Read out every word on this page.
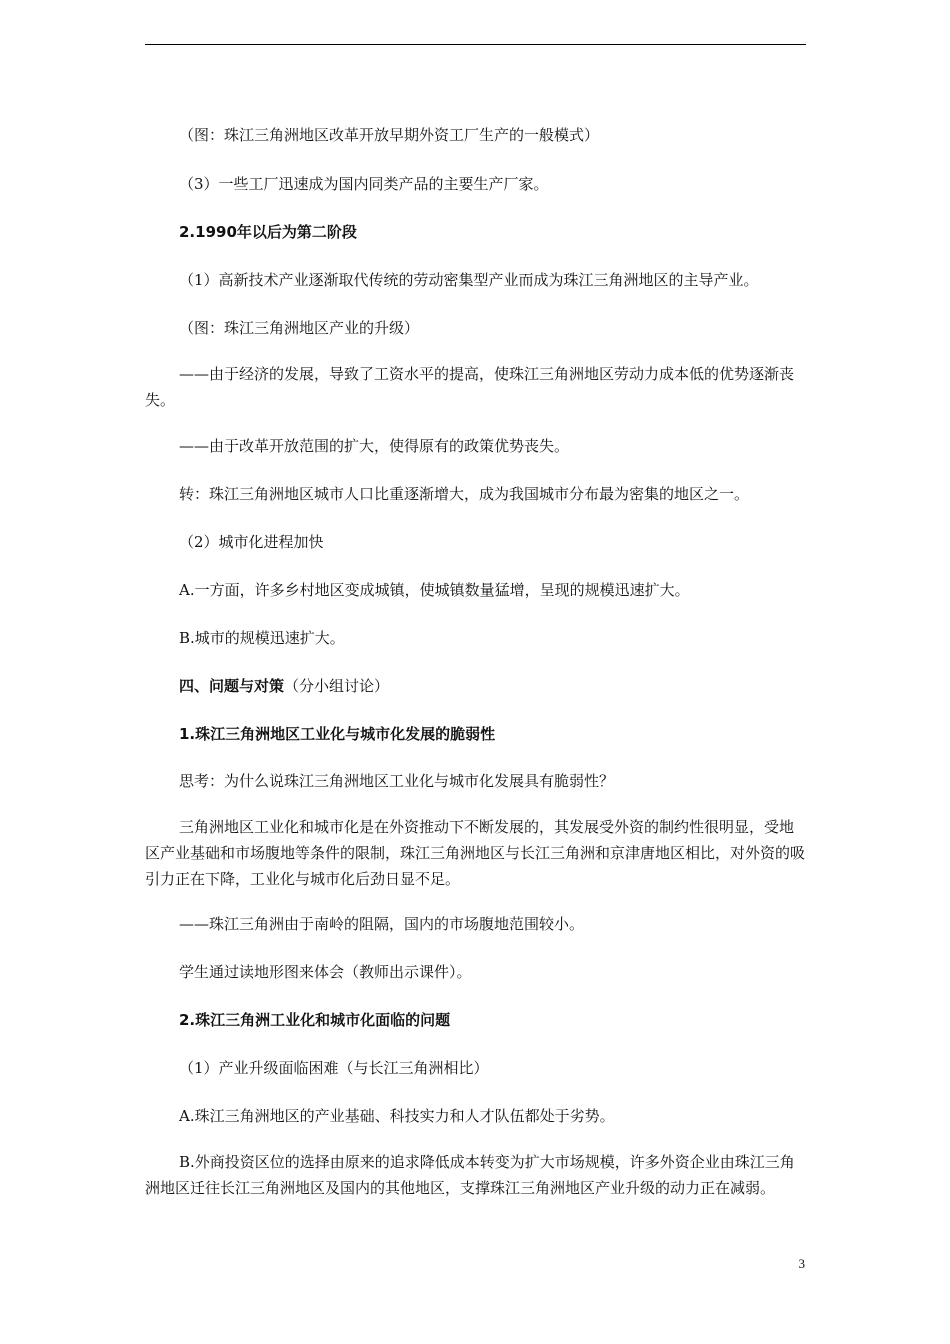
（图：珠江三角洲地区改革开放早期外资工厂生产的一般模式）

（3）一些工厂迅速成为国内同类产品的主要生产厂家。

2.1990年以后为第二阶段

（1）高新技术产业逐渐取代传统的劳动密集型产业而成为珠江三角洲地区的主导产业。

（图：珠江三角洲地区产业的升级）

——由于经济的发展，导致了工资水平的提高，使珠江三角洲地区劳动力成本低的优势逐渐丧失。

——由于改革开放范围的扩大，使得原有的政策优势丧失。

转：珠江三角洲地区城市人口比重逐渐增大，成为我国城市分布最为密集的地区之一。

（2）城市化进程加快

A.一方面，许多乡村地区变成城镇，使城镇数量猛增，呈现的规模迅速扩大。

B.城市的规模迅速扩大。

四、问题与对策（分小组讨论）

1.珠江三角洲地区工业化与城市化发展的脆弱性

思考：为什么说珠江三角洲地区工业化与城市化发展具有脆弱性？

三角洲地区工业化和城市化是在外资推动下不断发展的，其发展受外资的制约性很明显，受地区产业基础和市场腹地等条件的限制，珠江三角洲地区与长江三角洲和京津唐地区相比，对外资的吸引力正在下降，工业化与城市化后劲日显不足。

——珠江三角洲由于南岭的阻隔，国内的市场腹地范围较小。

学生通过读地形图来体会（教师出示课件）。

2.珠江三角洲工业化和城市化面临的问题

（1）产业升级面临困难（与长江三角洲相比）

A.珠江三角洲地区的产业基础、科技实力和人才队伍都处于劣势。

B.外商投资区位的选择由原来的追求降低成本转变为扩大市场规模，许多外资企业由珠江三角洲地区迁往长江三角洲地区及国内的其他地区，支撑珠江三角洲地区产业升级的动力正在减弱。

3
